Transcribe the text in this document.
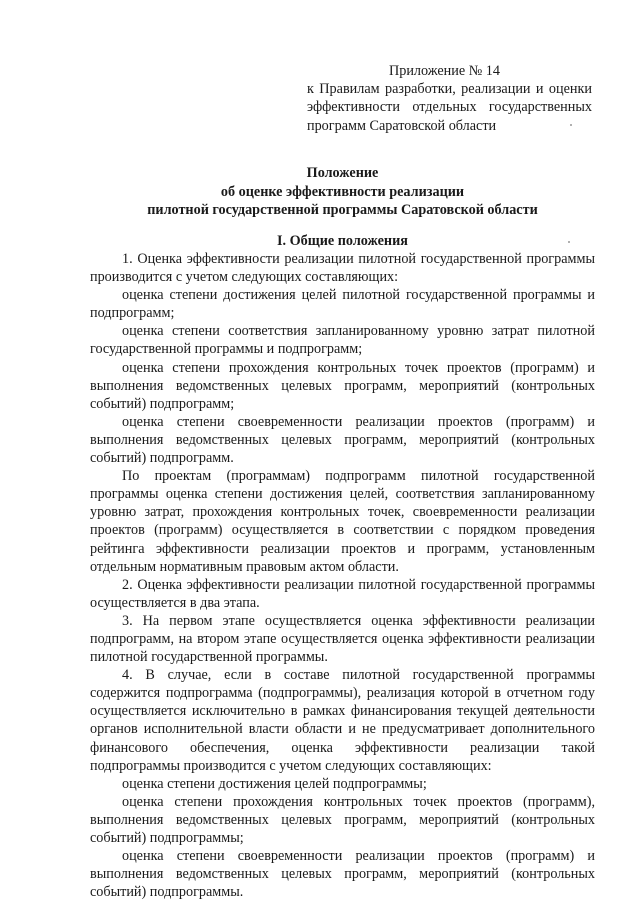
Приложение № 14
к Правилам разработки, реализации и оценки
эффективности отдельных государственных
программ Саратовской области
Положение
об оценке эффективности реализации
пилотной государственной программы Саратовской области
I. Общие положения

1. Оценка эффективности реализации пилотной государственной программы производится с учетом следующих составляющих:

оценка степени достижения целей пилотной государственной программы и подпрограмм;

оценка степени соответствия запланированному уровню затрат пилотной государственной программы и подпрограмм;

оценка степени прохождения контрольных точек проектов (программ) и выполнения ведомственных целевых программ, мероприятий (контрольных событий) подпрограмм;

оценка степени своевременности реализации проектов (программ) и выполнения ведомственных целевых программ, мероприятий (контрольных событий) подпрограмм.

По проектам (программам) подпрограмм пилотной государственной программы оценка степени достижения целей, соответствия запланированному уровню затрат, прохождения контрольных точек, своевременности реализации проектов (программ) осуществляется в соответствии с порядком проведения рейтинга эффективности реализации проектов и программ, установленным отдельным нормативным правовым актом области.

2. Оценка эффективности реализации пилотной государственной программы осуществляется в два этапа.

3. На первом этапе осуществляется оценка эффективности реализации подпрограмм, на втором этапе осуществляется оценка эффективности реализации пилотной государственной программы.

4. В случае, если в составе пилотной государственной программы содержится подпрограмма (подпрограммы), реализация которой в отчетном году осуществляется исключительно в рамках финансирования текущей деятельности органов исполнительной власти области и не предусматривает дополнительного финансового обеспечения, оценка эффективности реализации такой подпрограммы производится с учетом следующих составляющих:

оценка степени достижения целей подпрограммы;

оценка степени прохождения контрольных точек проектов (программ), выполнения ведомственных целевых программ, мероприятий (контрольных событий) подпрограммы;

оценка степени своевременности реализации проектов (программ) и выполнения ведомственных целевых программ, мероприятий (контрольных событий) подпрограммы.
